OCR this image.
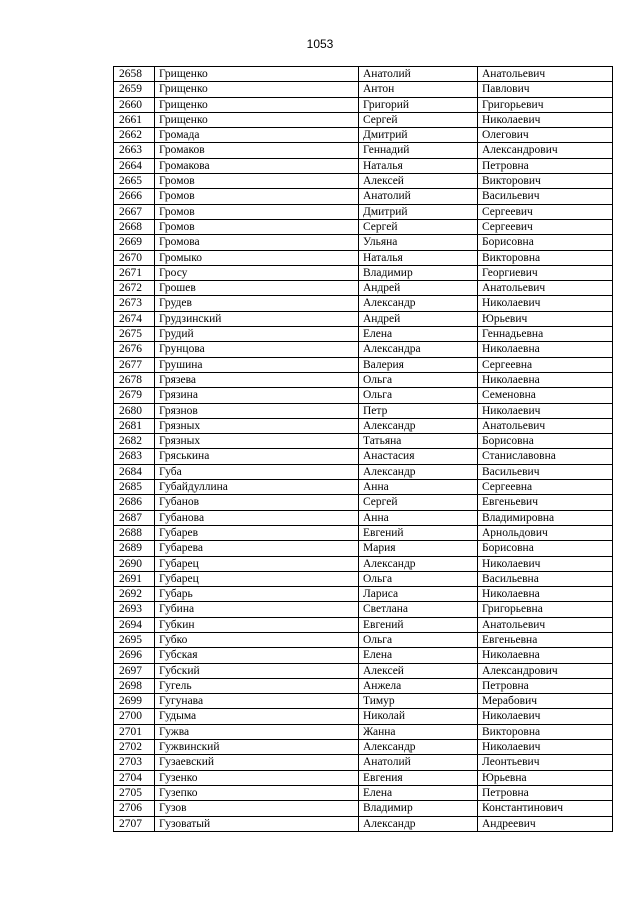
1053
2658	Грищенко	Анатолий	Анатольевич
2659	Грищенко	Антон	Павлович
2660	Грищенко	Григорий	Григорьевич
2661	Грищенко	Сергей	Николаевич
2662	Громада	Дмитрий	Олегович
2663	Громаков	Геннадий	Александрович
2664	Громакова	Наталья	Петровна
2665	Громов	Алексей	Викторович
2666	Громов	Анатолий	Васильевич
2667	Громов	Дмитрий	Сергеевич
2668	Громов	Сергей	Сергеевич
2669	Громова	Ульяна	Борисовна
2670	Громыко	Наталья	Викторовна
2671	Гросу	Владимир	Георгиевич
2672	Грошев	Андрей	Анатольевич
2673	Грудев	Александр	Николаевич
2674	Грудзинский	Андрей	Юрьевич
2675	Грудий	Елена	Геннадьевна
2676	Грунцова	Александра	Николаевна
2677	Грушина	Валерия	Сергеевна
2678	Грязева	Ольга	Николаевна
2679	Грязина	Ольга	Семеновна
2680	Грязнов	Петр	Николаевич
2681	Грязных	Александр	Анатольевич
2682	Грязных	Татьяна	Борисовна
2683	Гряськина	Анастасия	Станиславовна
2684	Губа	Александр	Васильевич
2685	Губайдуллина	Анна	Сергеевна
2686	Губанов	Сергей	Евгеньевич
2687	Губанова	Анна	Владимировна
2688	Губарев	Евгений	Арнольдович
2689	Губарева	Мария	Борисовна
2690	Губарец	Александр	Николаевич
2691	Губарец	Ольга	Васильевна
2692	Губарь	Лариса	Николаевна
2693	Губина	Светлана	Григорьевна
2694	Губкин	Евгений	Анатольевич
2695	Губко	Ольга	Евгеньевна
2696	Губская	Елена	Николаевна
2697	Губский	Алексей	Александрович
2698	Гугель	Анжела	Петровна
2699	Гугунава	Тимур	Мерабович
2700	Гудыма	Николай	Николаевич
2701	Гужва	Жанна	Викторовна
2702	Гужвинский	Александр	Николаевич
2703	Гузаевский	Анатолий	Леонтьевич
2704	Гузенко	Евгения	Юрьевна
2705	Гузепко	Елена	Петровна
2706	Гузов	Владимир	Константинович
2707	Гузоватый	Александр	Андреевич
